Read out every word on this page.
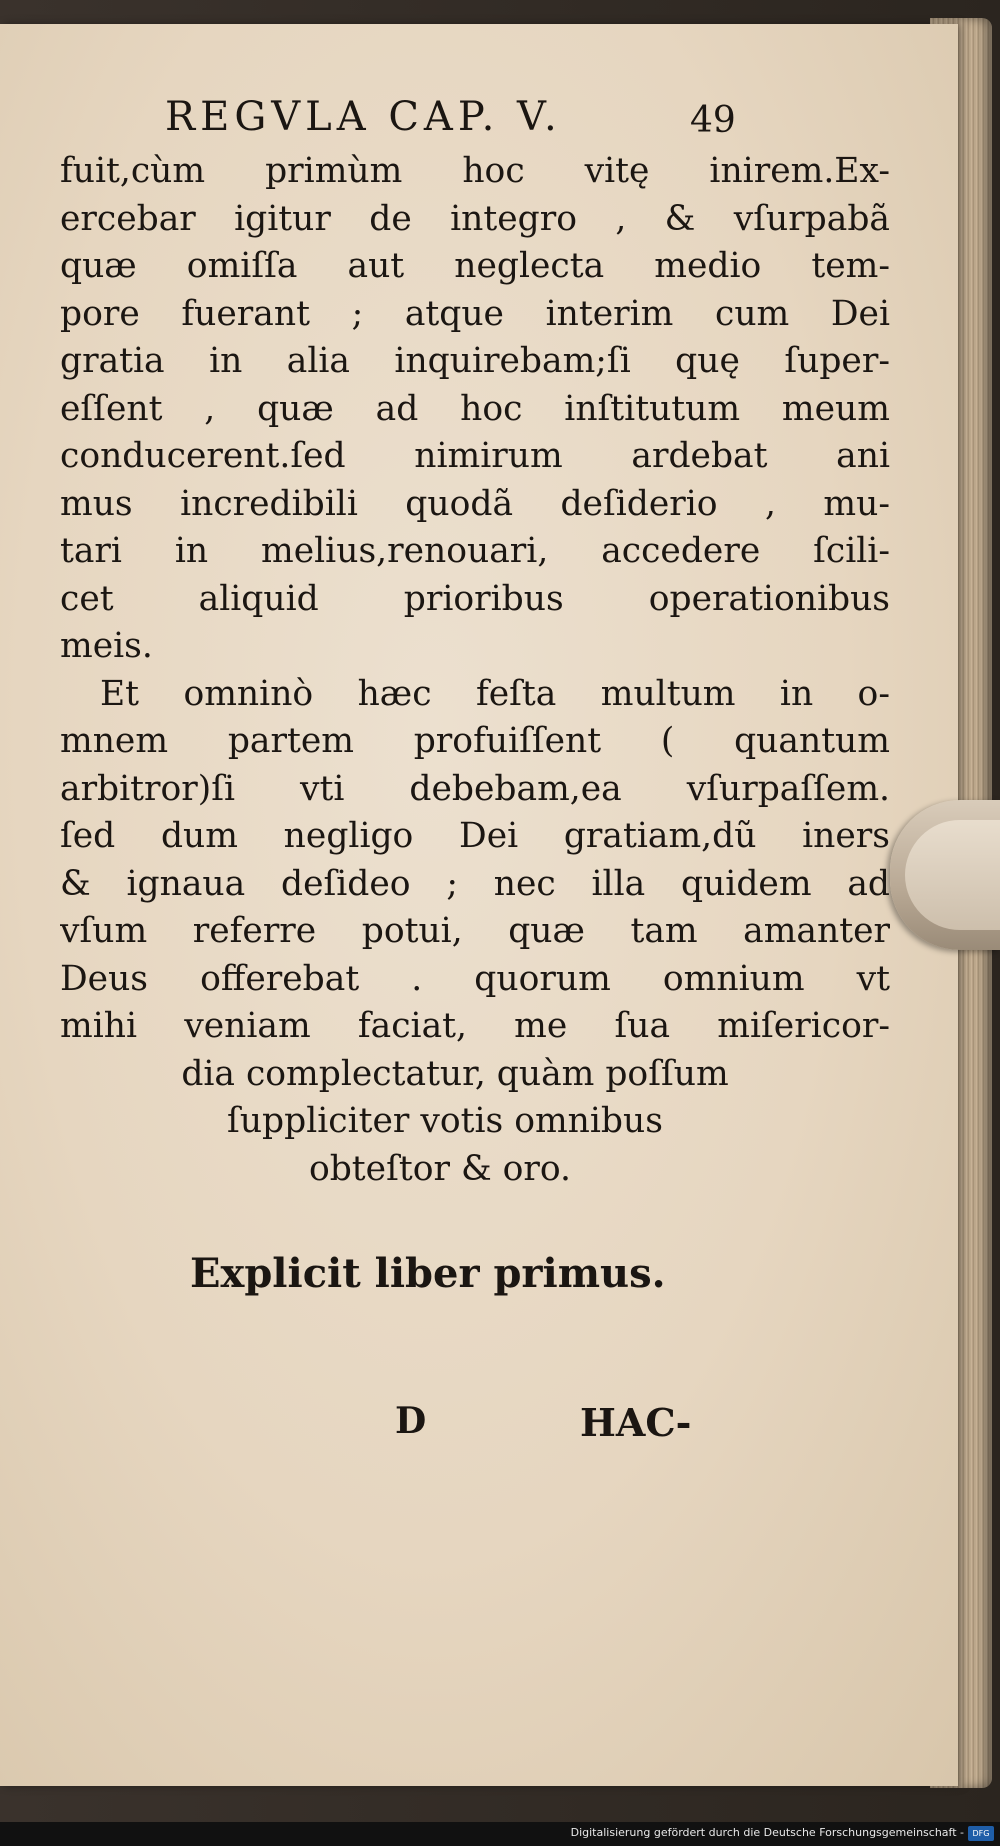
REGVLA CAP. V.	49
fuit,cùm primùm hoc vitę inirem.Ex-
ercebar igitur de integro , & vſurpabã
quæ omiſſa aut neglecta medio tem-
pore fuerant ; atque interim cum Dei
gratia in alia inquirebam;ſi quę ſuper-
eſſent , quæ ad hoc inſtitutum meum
conducerent.ſed nimirum ardebat ani
mus incredibili quodã deſiderio , mu-
tari in melius,renouari, accedere ſcili-
cet aliquid prioribus operationibus
meis.
Et omninò hæc feſta multum in o-
mnem partem profuiſſent ( quantum
arbitror)ſi vti debebam,ea vſurpaſſem.
ſed dum negligo Dei gratiam,dũ iners
& ignaua deſideo ; nec illa quidem ad
vſum referre potui, quæ tam amanter
Deus offerebat . quorum omnium vt
mihi veniam faciat, me ſua miſericor-
dia complectatur, quàm poſſum
ſuppliciter votis omnibus
obteſtor & oro.
Explicit liber primus.
D	HAC-
Digitalisierung gefördert durch die Deutsche Forschungsgemeinschaft -	DFG
